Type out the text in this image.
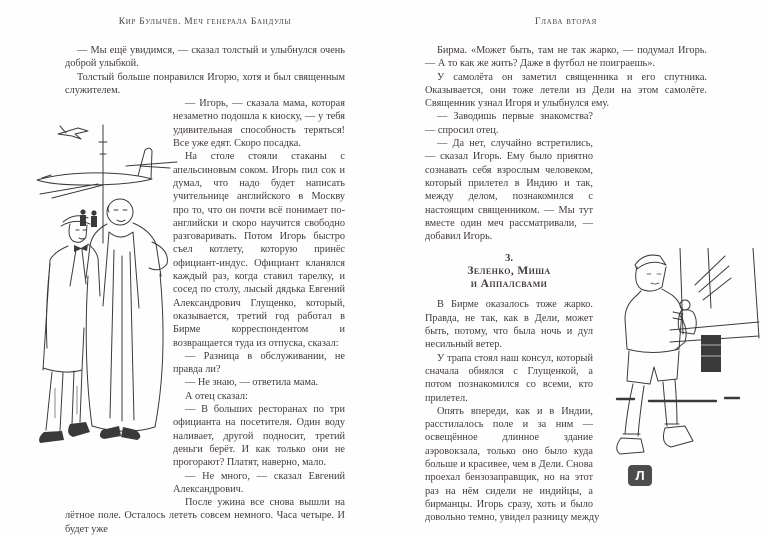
Кир Булычёв. Меч генерала Бандулы

— Мы ещё увидимся, — сказал толстый и улыбнулся очень доброй улыбкой.

Толстый больше понравился Игорю, хотя и был священным служителем.

— Игорь, — сказала мама, которая незаметно подошла к киоску, — у тебя удивительная способность теряться! Все уже едят. Скоро посадка.

На столе стояли стаканы с апельсиновым соком. Игорь пил сок и думал, что надо будет написать учительнице английского в Москву про то, что он почти всё понимает по-английски и скоро научится свободно разговаривать. Потом Игорь быстро съел котлету, которую принёс официант-индус. Официант кланялся каждый раз, когда ставил тарелку, и сосед по столу, лысый дядька Евгений Александрович Глущенко, который, оказывается, третий год работал в Бирме корреспондентом и возвращается туда из отпуска, сказал:

— Разница в обслуживании, не правда ли?

— Не знаю, — ответила мама.

А отец сказал:

— В больших ресторанах по три официанта на посетителя. Один воду наливает, другой подносит, третий деньги берёт. И как только они не прогорают? Платят, наверно, мало.

— Не много, — сказал Евгений Александрович.

После ужина все снова вышли на лётное поле. Осталось лететь совсем немного. Часа четыре. И будет уже

Глава вторая

Бирма. «Может быть, там не так жарко, — подумал Игорь. — А то как же жить? Даже в футбол не поиграешь».

У самолёта он заметил священника и его спутника. Оказывается, они тоже летели из Дели на этом самолёте. Священник узнал Игоря и улыбнулся ему.

— Заводишь первые знакомства? — спросил отец.

— Да нет, случайно встретились, — сказал Игорь. Ему было приятно сознавать себя взрослым человеком, который прилетел в Индию и так, между делом, познакомился с настоящим священником. — Мы тут вместе один меч рассматривали, — добавил Игорь.

3.
Зеленко, Миша
и Аппалсвами

В Бирме оказалось тоже жарко. Правда, не так, как в Дели, может быть, потому, что была ночь и дул несильный ветер.

У трапа стоял наш консул, который сначала обнялся с Глущенкой, а потом познакомился со всеми, кто прилетел.

Опять впереди, как и в Индии, расстилалось поле и за ним — освещённое длинное здание аэровокзала, только оно было куда больше и красивее, чем в Дели. Снова проехал бензозаправщик, но на этот раз на нём сидели не индийцы, а бирманцы. Игорь сразу, хоть и было довольно темно, увидел разницу между

Л
